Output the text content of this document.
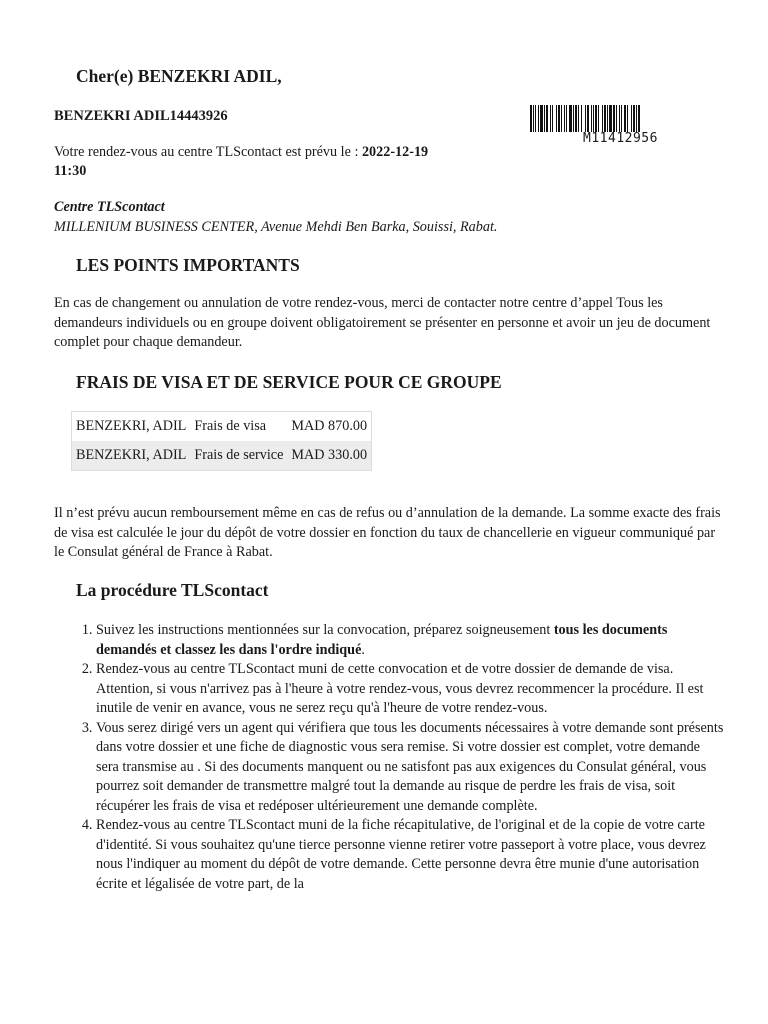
Cher(e) BENZEKRI ADIL,

BENZEKRI ADIL14443926
M11412956
Votre rendez-vous au centre TLScontact est prévu le : 2022-12-19
11:30
Centre TLScontact
MILLENIUM BUSINESS CENTER, Avenue Mehdi Ben Barka, Souissi, Rabat.
LES POINTS IMPORTANTS
En cas de changement ou annulation de votre rendez-vous, merci de contacter notre centre d’appel Tous les demandeurs individuels ou en groupe doivent obligatoirement se présenter en personne et avoir un jeu de document complet pour chaque demandeur.
FRAIS DE VISA ET DE SERVICE POUR CE GROUPE
BENZEKRI, ADIL	Frais de visa	MAD 870.00
BENZEKRI, ADIL	Frais de service	MAD 330.00
Il n’est prévu aucun remboursement même en cas de refus ou d’annulation de la demande. La somme exacte des frais de visa est calculée le jour du dépôt de votre dossier en fonction du taux de chancellerie en vigueur communiqué par le Consulat général de France à Rabat.
La procédure TLScontact
1. Suivez les instructions mentionnées sur la convocation, préparez soigneusement tous les documents demandés et classez les dans l'ordre indiqué.
2. Rendez-vous au centre TLScontact muni de cette convocation et de votre dossier de demande de visa. Attention, si vous n'arrivez pas à l'heure à votre rendez-vous, vous devrez recommencer la procédure. Il est inutile de venir en avance, vous ne serez reçu qu'à l'heure de votre rendez-vous.
3. Vous serez dirigé vers un agent qui vérifiera que tous les documents nécessaires à votre demande sont présents dans votre dossier et une fiche de diagnostic vous sera remise. Si votre dossier est complet, votre demande sera transmise au . Si des documents manquent ou ne satisfont pas aux exigences du Consulat général, vous pourrez soit demander de transmettre malgré tout la demande au risque de perdre les frais de visa, soit récupérer les frais de visa et redéposer ultérieurement une demande complète.
4. Rendez-vous au centre TLScontact muni de la fiche récapitulative, de l'original et de la copie de votre carte d'identité. Si vous souhaitez qu'une tierce personne vienne retirer votre passeport à votre place, vous devrez nous l'indiquer au moment du dépôt de votre demande. Cette personne devra être munie d'une autorisation écrite et légalisée de votre part, de la
